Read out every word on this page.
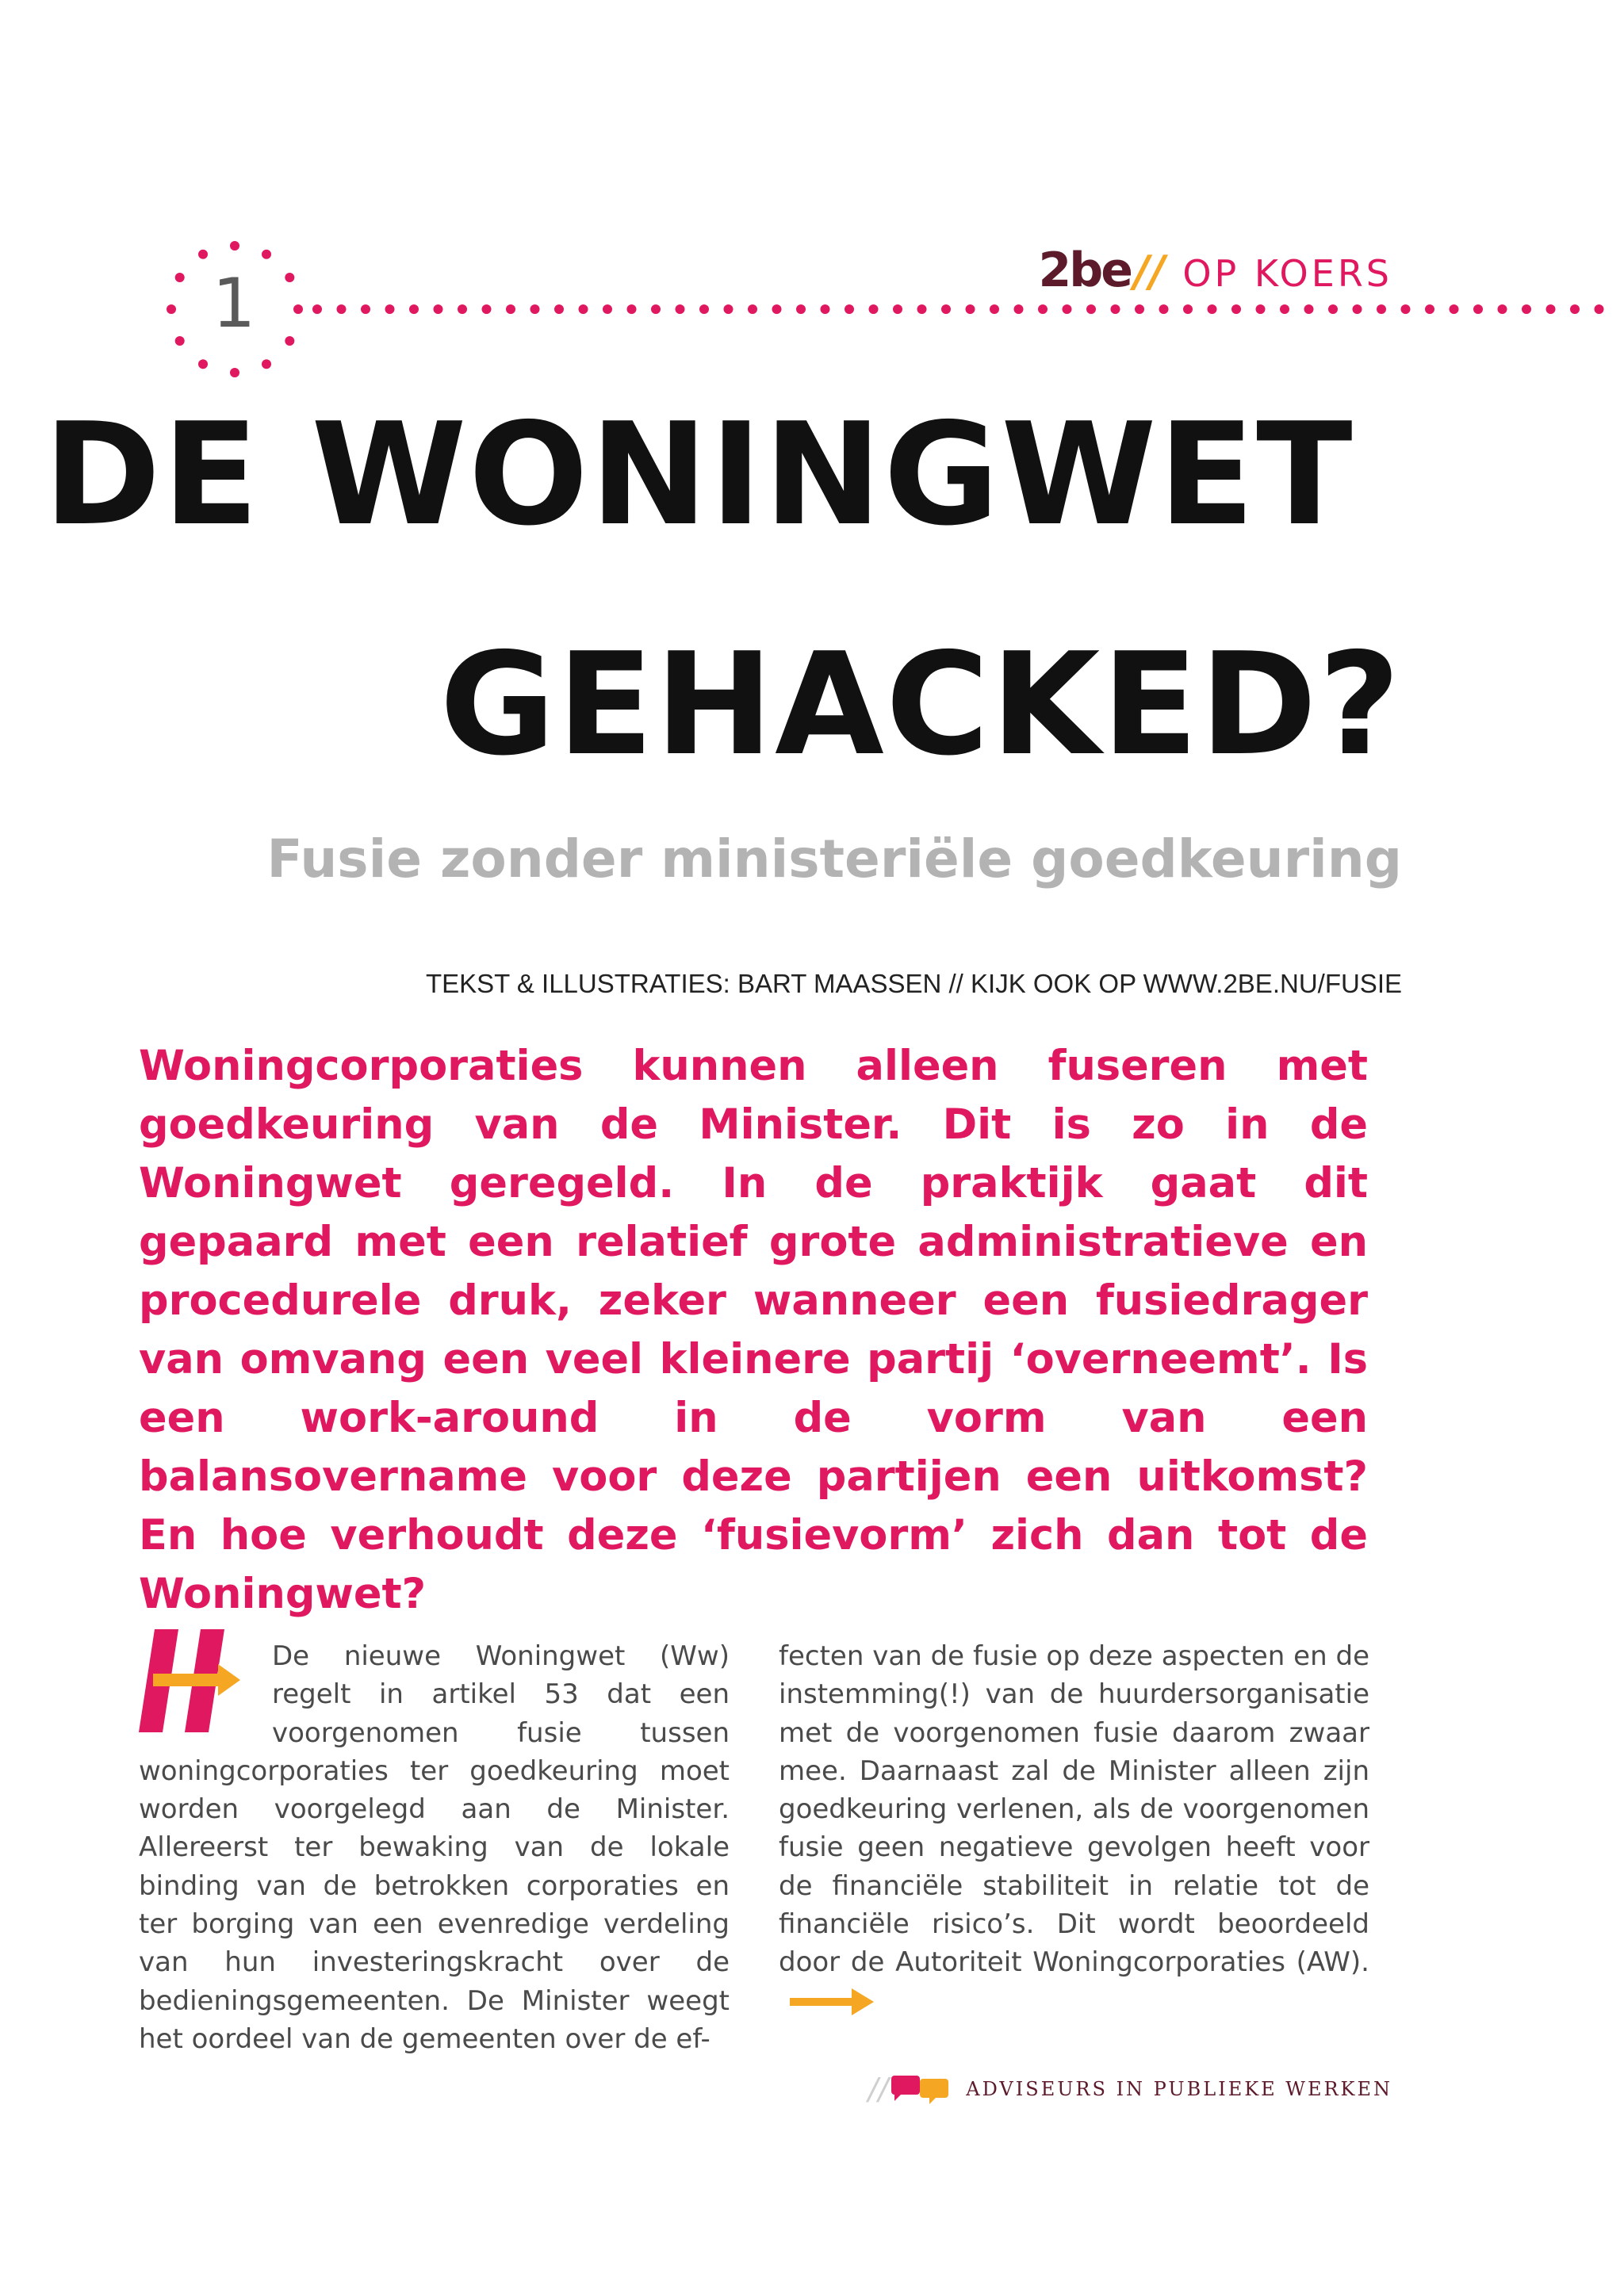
1	2be // OP KOERS
DE WONINGWET
GEHACKED?
Fusie zonder ministeriële goedkeuring
TEKST & ILLUSTRATIES: BART MAASSEN // KIJK OOK OP WWW.2BE.NU/FUSIE
Woningcorporaties kunnen alleen fuseren met goedkeuring van de Minister. Dit is zo in de Woningwet geregeld. In de praktijk gaat dit gepaard met een relatief grote administratieve en procedurele druk, zeker wanneer een fusiedrager van omvang een veel kleinere partij ‘overneemt’. Is een work-around in de vorm van een balansovername voor deze partijen een uitkomst? En hoe verhoudt deze ‘fusievorm’ zich dan tot de Woningwet?
De nieuwe Woningwet (Ww) regelt in artikel 53 dat een voorgenomen fusie tussen woningcorporaties ter goedkeuring moet worden voorgelegd aan de Minister. Allereerst ter bewaking van de lokale binding van de betrokken corporaties en ter borging van een evenredige verdeling van hun investeringskracht over de bedieningsgemeenten. De Minister weegt het oordeel van de gemeenten over de ef-
fecten van de fusie op deze aspecten en de instemming(!) van de huurdersorganisatie met de voorgenomen fusie daarom zwaar mee. Daarnaast zal de Minister alleen zijn goedkeuring verlenen, als de voorgenomen fusie geen negatieve gevolgen heeft voor de financiële stabiliteit in relatie tot de financiële risico’s. Dit wordt beoordeeld door de Autoriteit Woningcorporaties (AW).
//	ADVISEURS IN PUBLIEKE WERKEN
